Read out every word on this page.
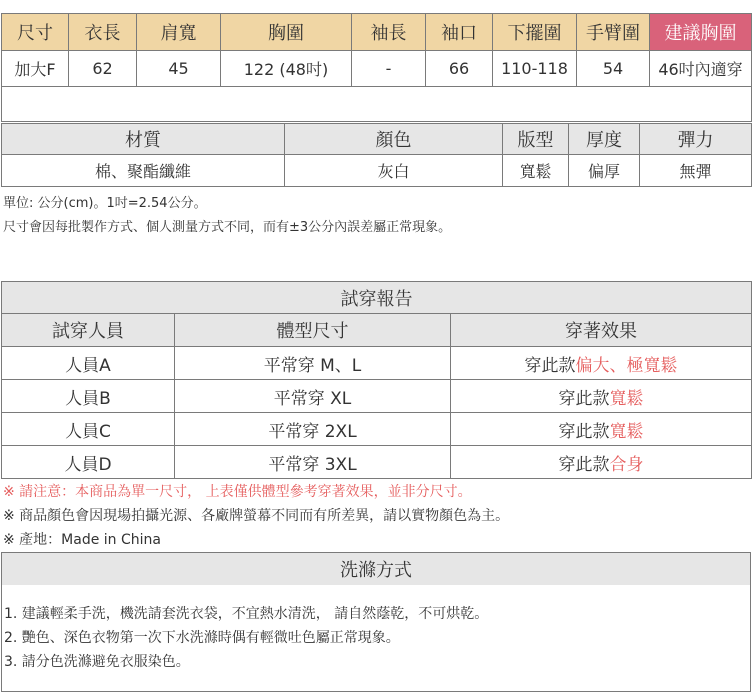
尺寸	衣長	肩寬	胸圍	袖長	袖口	下擺圍	手臂圍	建議胸圍
加大F	62	45	122 (48吋)	-	66	110-118	54	46吋內適穿

材質	顏色	版型	厚度	彈力
棉、聚酯纖維	灰白	寬鬆	偏厚	無彈
單位: 公分(cm)。1吋=2.54公分。
尺寸會因每批製作方式、個人測量方式不同，而有±3公分內誤差屬正常現象。
試穿報告		
試穿人員	體型尺寸	穿著效果
人員A	平常穿 M、L	穿此款偏大、極寬鬆
人員B	平常穿 XL	穿此款寬鬆
人員C	平常穿 2XL	穿此款寬鬆
人員D	平常穿 3XL	穿此款合身
※ 請注意：本商品為單一尺寸， 上表僅供體型參考穿著效果，並非分尺寸。
※ 商品顏色會因現場拍攝光源、各廠牌螢幕不同而有所差異，請以實物顏色為主。
※ 產地：Made in China
洗滌方式
1. 建議輕柔手洗，機洗請套洗衣袋，不宜熱水清洗， 請自然蔭乾，不可烘乾。
2. 艷色、深色衣物第一次下水洗滌時偶有輕微吐色屬正常現象。
3. 請分色洗滌避免衣服染色。
